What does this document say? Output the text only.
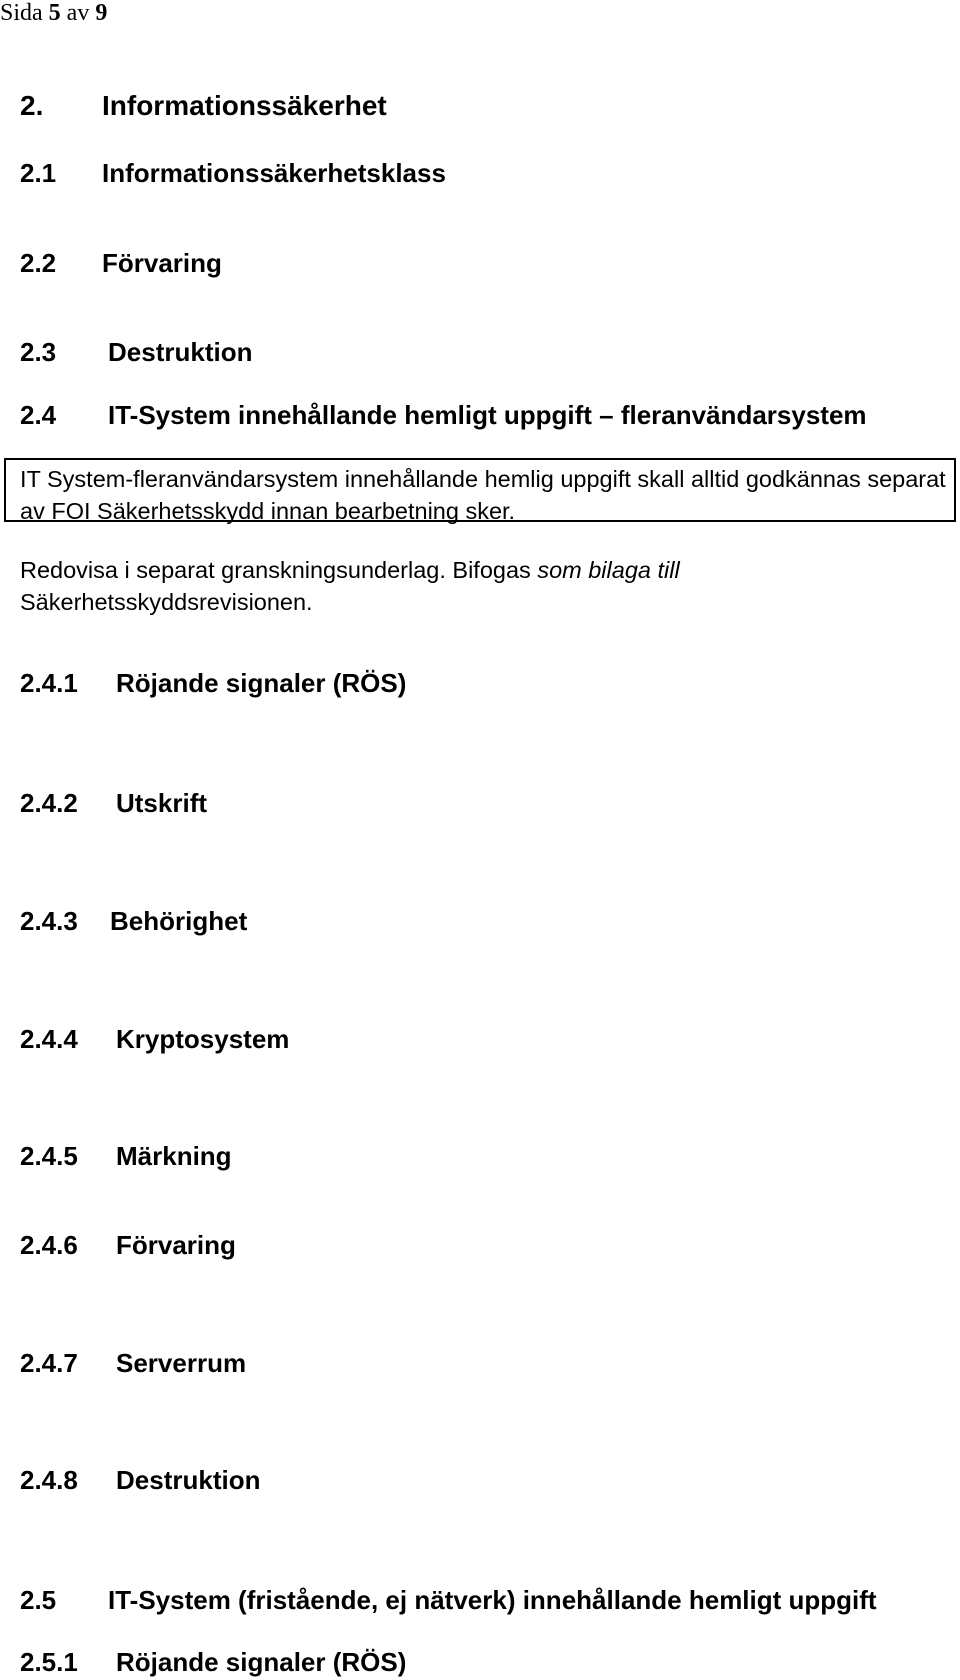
Sida 5 av 9
2. Informationssäkerhet
2.1 Informationssäkerhetsklass
2.2 Förvaring
2.3 Destruktion
2.4 IT-System innehållande hemligt uppgift – fleranvändarsystem
IT System-fleranvändarsystem innehållande hemlig uppgift skall alltid godkännas separat av FOI Säkerhetsskydd innan bearbetning sker.
Redovisa i separat granskningsunderlag. Bifogas som bilaga till
Säkerhetsskyddsrevisionen.
2.4.1 Röjande signaler (RÖS)
2.4.2 Utskrift
2.4.3 Behörighet
2.4.4 Kryptosystem
2.4.5 Märkning
2.4.6 Förvaring
2.4.7 Serverrum
2.4.8 Destruktion
2.5 IT-System (fristående, ej nätverk) innehållande hemligt uppgift
2.5.1 Röjande signaler (RÖS)
